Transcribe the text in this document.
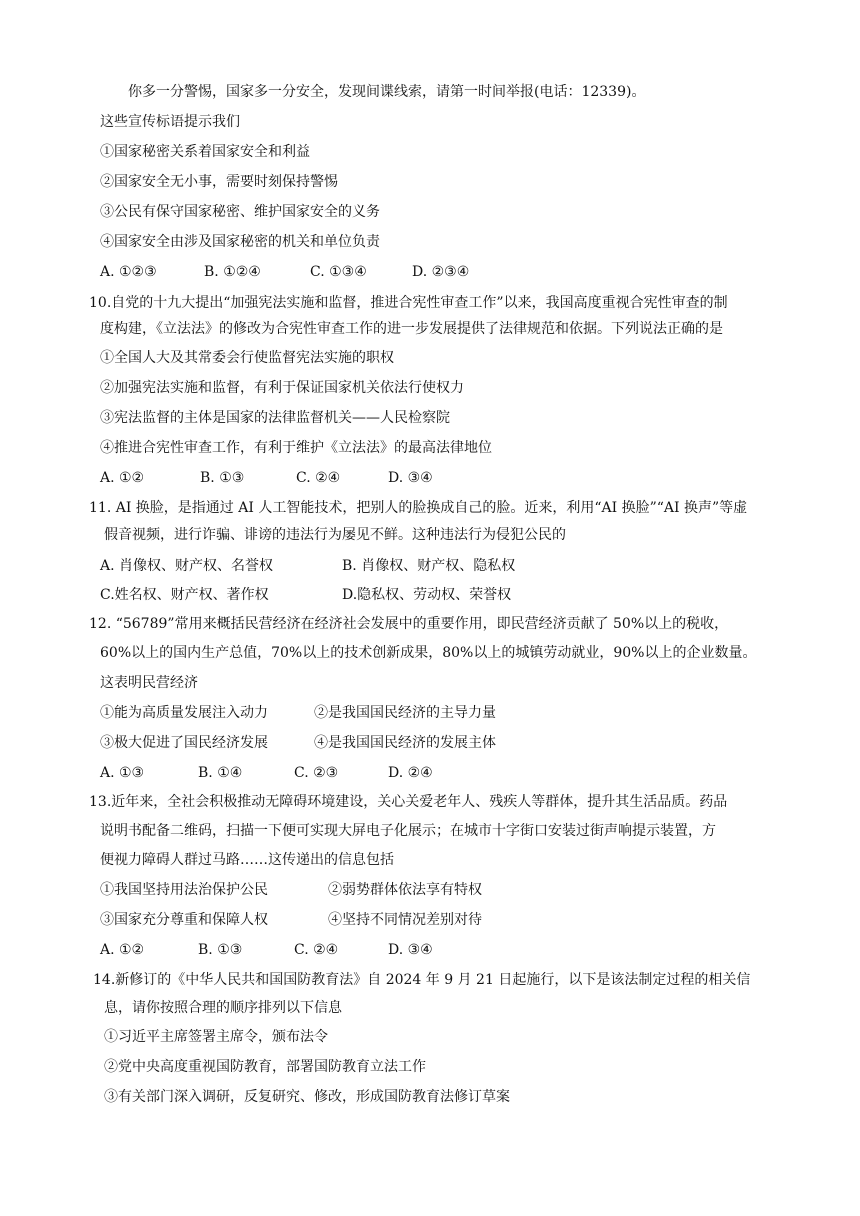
你多一分警惕，国家多一分安全，发现间谍线索，请第一时间举报(电话：12339)。
这些宣传标语提示我们
①国家秘密关系着国家安全和利益
②国家安全无小事，需要时刻保持警惕
③公民有保守国家秘密、维护国家安全的义务
④国家安全由涉及国家秘密的机关和单位负责
A. ①②③	B. ①②④	C. ①③④	D. ②③④
10.自党的十九大提出“加强宪法实施和监督，推进合宪性审查工作”以来，我国高度重视合宪性审查的制
度构建，《立法法》的修改为合宪性审查工作的进一步发展提供了法律规范和依据。下列说法正确的是
①全国人大及其常委会行使监督宪法实施的职权
②加强宪法实施和监督，有利于保证国家机关依法行使权力
③宪法监督的主体是国家的法律监督机关——人民检察院
④推进合宪性审查工作，有利于维护《立法法》的最高法律地位
A. ①②	B. ①③	C. ②④	D. ③④
11. AI 换脸，是指通过 AI 人工智能技术，把别人的脸换成自己的脸。近来，利用“AI 换脸”“AI 换声”等虚
假音视频，进行诈骗、诽谤的违法行为屡见不鲜。这种违法行为侵犯公民的
A. 肖像权、财产权、名誉权	B. 肖像权、财产权、隐私权
C.姓名权、财产权、著作权	D.隐私权、劳动权、荣誉权
12. “56789”常用来概括民营经济在经济社会发展中的重要作用，即民营经济贡献了 50%以上的税收，
60%以上的国内生产总值，70%以上的技术创新成果，80%以上的城镇劳动就业，90%以上的企业数量。
这表明民营经济
①能为高质量发展注入动力	②是我国国民经济的主导力量
③极大促进了国民经济发展	④是我国国民经济的发展主体
A. ①③	B. ①④	C. ②③	D. ②④
13.近年来，全社会积极推动无障碍环境建设，关心关爱老年人、残疾人等群体，提升其生活品质。药品
说明书配备二维码，扫描一下便可实现大屏电子化展示；在城市十字街口安装过街声响提示装置，方
便视力障碍人群过马路……这传递出的信息包括
①我国坚持用法治保护公民	②弱势群体依法享有特权
③国家充分尊重和保障人权	④坚持不同情况差别对待
A. ①②	B. ①③	C. ②④	D. ③④
14.新修订的《中华人民共和国国防教育法》自 2024 年 9 月 21 日起施行，以下是该法制定过程的相关信
息，请你按照合理的顺序排列以下信息
①习近平主席签署主席令，颁布法令
②党中央高度重视国防教育，部署国防教育立法工作
③有关部门深入调研，反复研究、修改，形成国防教育法修订草案
